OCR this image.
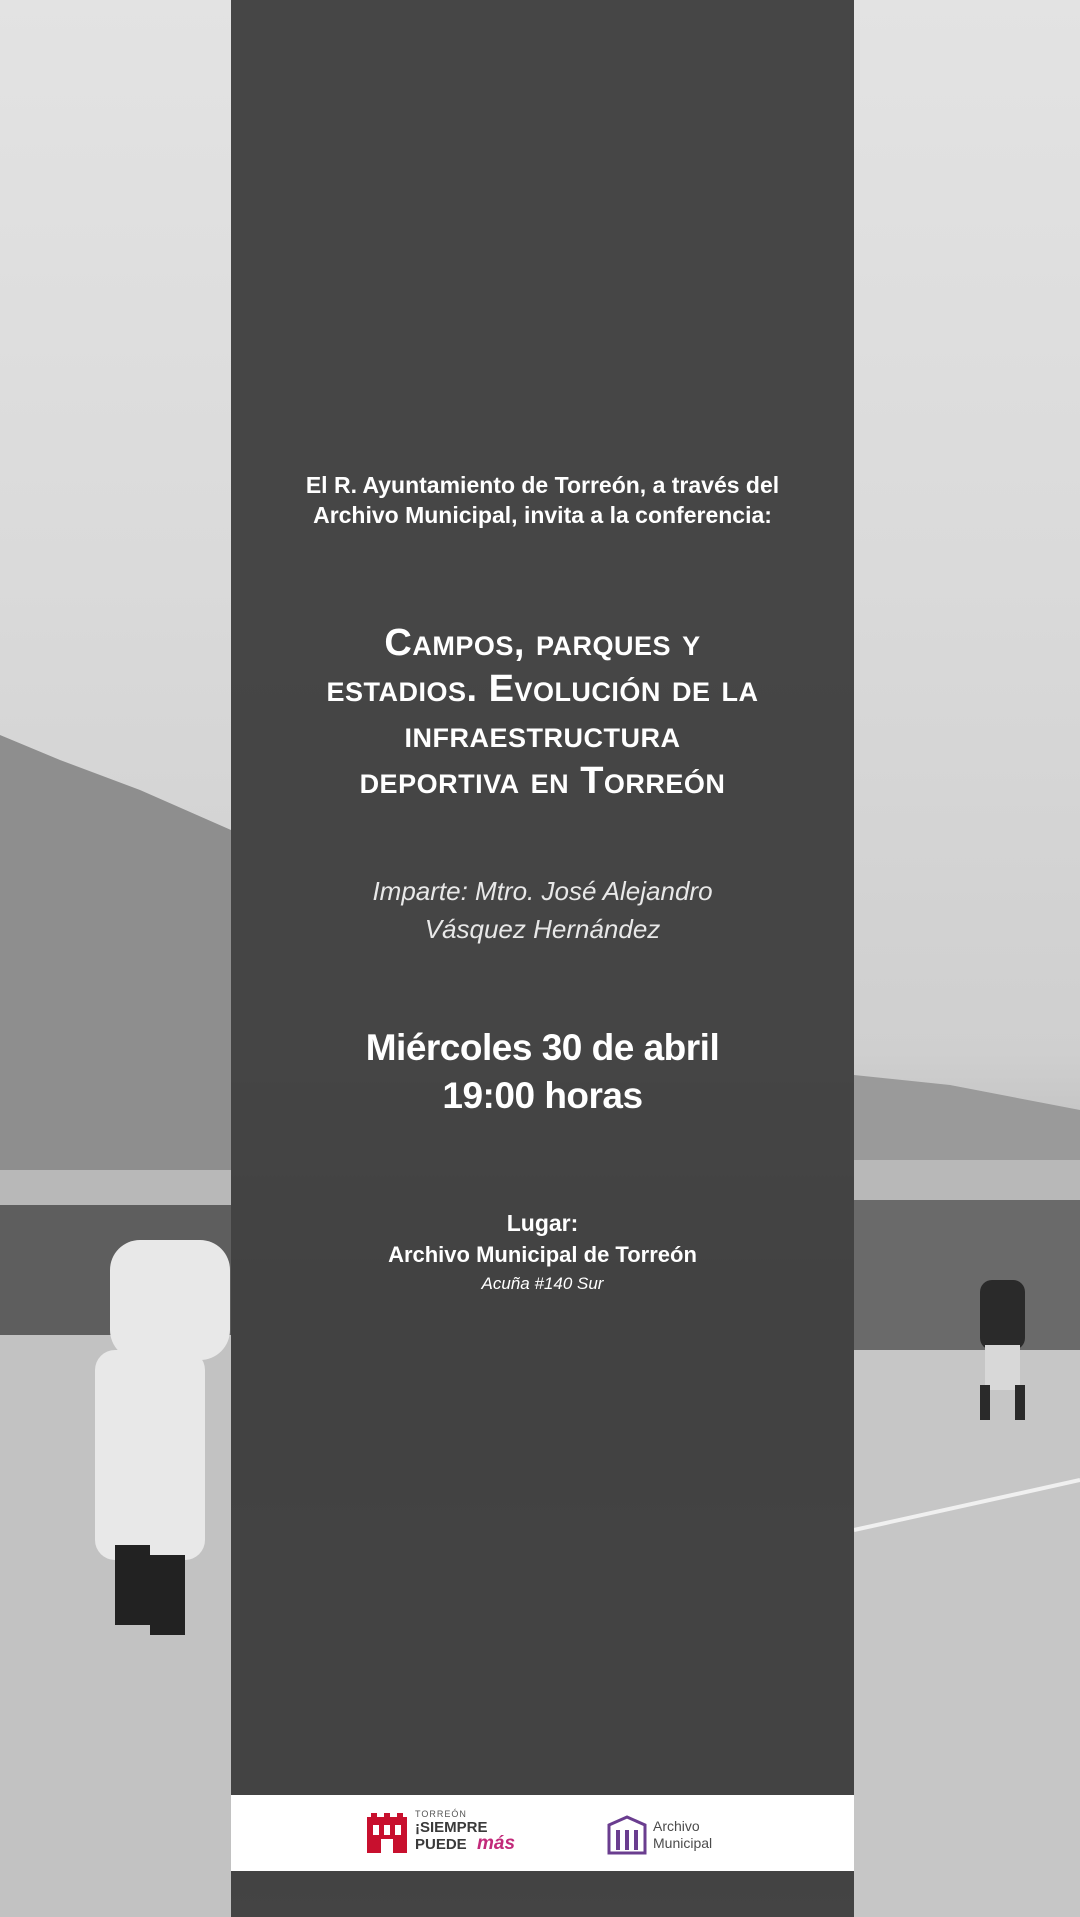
El R. Ayuntamiento de Torreón, a través del
Archivo Municipal, invita a la conferencia:
Campos, parques y
estadios. Evolución de la
infraestructura
deportiva en Torreón
Imparte: Mtro. José Alejandro
Vásquez Hernández
Miércoles 30 de abril
19:00 horas
Lugar:
Archivo Municipal de Torreón
Acuña #140 Sur
TORREÓN
¡SIEMPRE
PUEDE más
Archivo
Municipal
